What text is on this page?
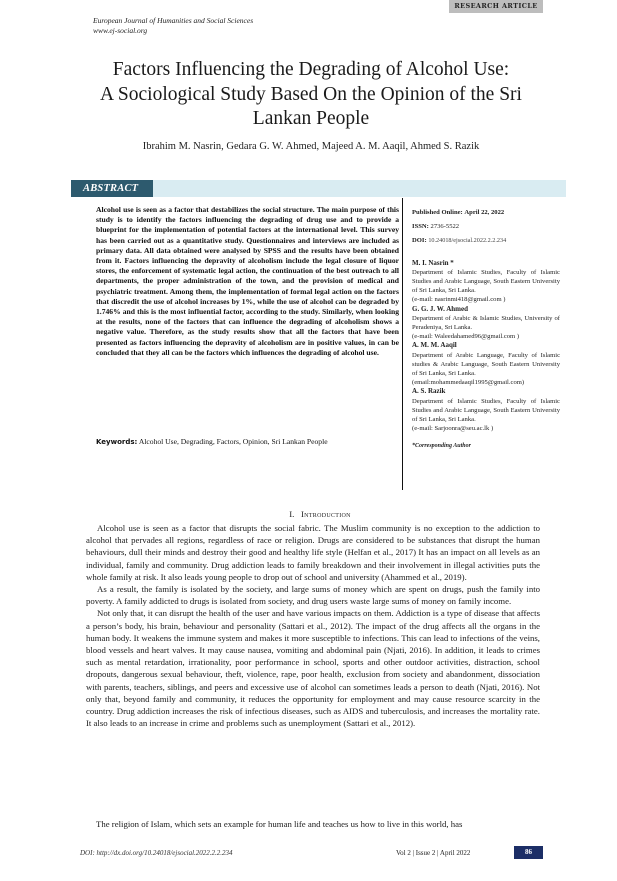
RESEARCH ARTICLE
European Journal of Humanities and Social Sciences
www.ej-social.org
Factors Influencing the Degrading of Alcohol Use:
A Sociological Study Based On the Opinion of the Sri
Lankan People
Ibrahim M. Nasrin, Gedara G. W. Ahmed, Majeed A. M. Aaqil, Ahmed S. Razik
ABSTRACT
Alcohol use is seen as a factor that destabilizes the social structure. The main purpose of this study is to identify the factors influencing the degrading of drug use and to provide a blueprint for the implementation of potential factors at the international level. This survey has been carried out as a quantitative study. Questionnaires and interviews are included as primary data. All data obtained were analysed by SPSS and the results have been obtained from it. Factors influencing the depravity of alcoholism include the legal closure of liquor stores, the enforcement of systematic legal action, the continuation of the best outreach to all departments, the proper administration of the town, and the provision of medical and psychiatric treatment. Among them, the implementation of formal legal action on the factors that discredit the use of alcohol increases by 1%, while the use of alcohol can be degraded by 1.746% and this is the most influential factor, according to the study. Similarly, when looking at the results, none of the factors that can influence the degrading of alcoholism shows a negative value. Therefore, as the study results show that all the factors that have been presented as factors influencing the depravity of alcoholism are in positive values, in can be concluded that they all can be the factors which influences the degrading of alcohol use.
Keywords: Alcohol Use, Degrading, Factors, Opinion, Sri Lankan People
Published Online: April 22, 2022
ISSN: 2736-5522
DOI: 10.24018/ejsocial.2022.2.2.234
M. I. Nasrin *
Department of Islamic Studies, Faculty of Islamic Studies and Arabic Language, South Eastern University of Sri Lanka, Sri Lanka.
(e-mail: nasrinmi418@gmail.com )
G. G. J. W. Ahmed
Department of Arabic & Islamic Studies, University of Peradeniya, Sri Lanka.
(e-mail: Waleedahamed96@gmail.com )
A. M. M. Aaqil
Department of Arabic Language, Faculty of Islamic studies & Arabic Language, South Eastern University of Sri Lanka, Sri Lanka.
(email:mohammedaaqil1995@gmail.com)
A. S. Razik
Department of Islamic Studies, Faculty of Islamic Studies and Arabic Language, South Eastern University of Sri Lanka, Sri Lanka.
(e-mail: Sarjoonra@seu.ac.lk )
*Corresponding Author
I. Introduction

Alcohol use is seen as a factor that disrupts the social fabric. The Muslim community is no exception to the addiction to alcohol that pervades all regions, regardless of race or religion. Drugs are considered to be substances that disrupt the human behaviours, dull their minds and destroy their good and healthy life style (Helfan et al., 2017) It has an impact on all levels as an individual, family and community. Drug addiction leads to family breakdown and their involvement in illegal activities puts the whole family at risk. It also leads young people to drop out of school and university (Ahammed et al., 2019).

As a result, the family is isolated by the society, and large sums of money which are spent on drugs, push the family into poverty. A family addicted to drugs is isolated from society, and drug users waste large sums of money on family income.

Not only that, it can disrupt the health of the user and have various impacts on them. Addiction is a type of disease that affects a person’s body, his brain, behaviour and personality (Sattari et al., 2012). The impact of the drug affects all the organs in the human body. It weakens the immune system and makes it more susceptible to infections. This can lead to infections of the veins, blood vessels and heart valves. It may cause nausea, vomiting and abdominal pain (Njati, 2016). In addition, it leads to crimes such as mental retardation, irrationality, poor performance in school, sports and other outdoor activities, distraction, school dropouts, dangerous sexual behaviour, theft, violence, rape, poor health, exclusion from society and abandonment, dissociation with parents, teachers, siblings, and peers and excessive use of alcohol can sometimes leads a person to death (Njati, 2016). Not only that, beyond family and community, it reduces the opportunity for employment and may cause resource scarcity in the country. Drug addiction increases the risk of infectious diseases, such as AIDS and tuberculosis, and increases the mortality rate. It also leads to an increase in crime and problems such as unemployment (Sattari et al., 2012).

The religion of Islam, which sets an example for human life and teaches us how to live in this world, has
DOI: http://dx.doi.org/10.24018/ejsocial.2022.2.2.234	Vol 2 | Issue 2 | April 2022	86
